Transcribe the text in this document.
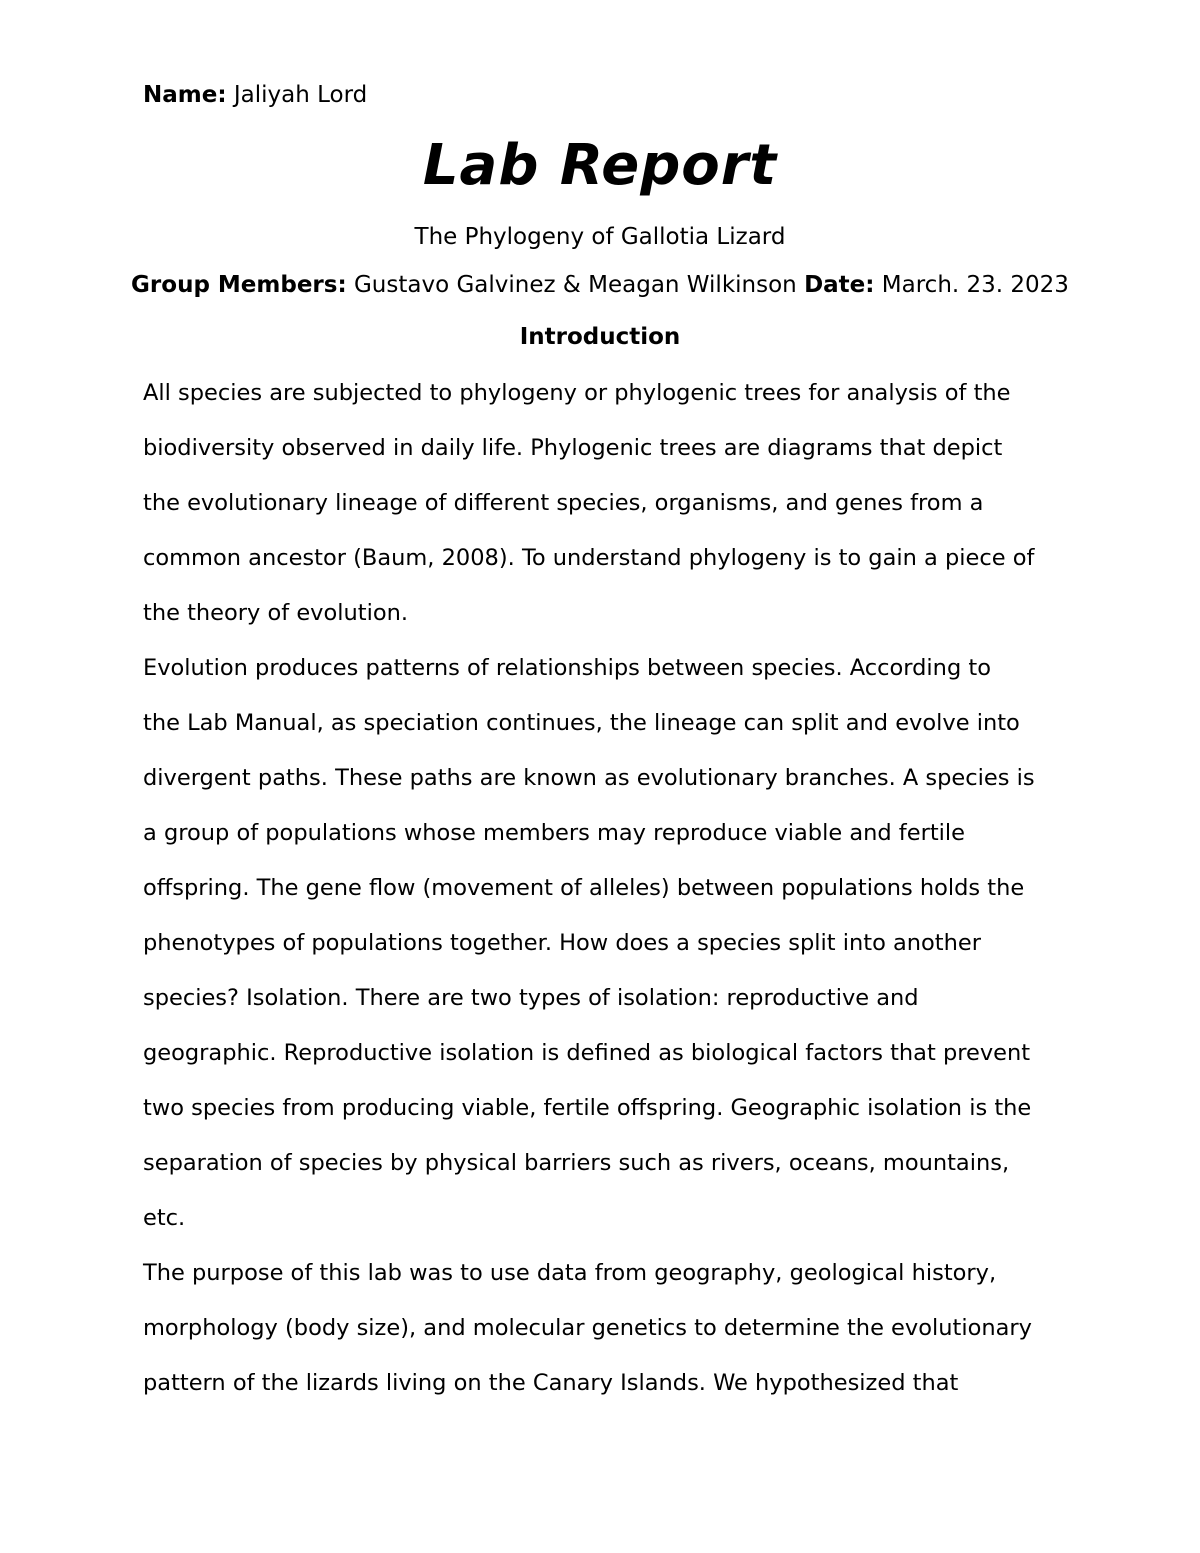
Name: Jaliyah Lord
Lab Report
The Phylogeny of Gallotia Lizard
Group Members: Gustavo Galvinez & Meagan Wilkinson Date: March. 23. 2023
Introduction

All species are subjected to phylogeny or phylogenic trees for analysis of the

biodiversity observed in daily life. Phylogenic trees are diagrams that depict

the evolutionary lineage of different species, organisms, and genes from a

common ancestor (Baum, 2008). To understand phylogeny is to gain a piece of

the theory of evolution.

Evolution produces patterns of relationships between species. According to

the Lab Manual, as speciation continues, the lineage can split and evolve into

divergent paths. These paths are known as evolutionary branches. A species is

a group of populations whose members may reproduce viable and fertile

offspring. The gene flow (movement of alleles) between populations holds the

phenotypes of populations together. How does a species split into another

species? Isolation. There are two types of isolation: reproductive and

geographic. Reproductive isolation is defined as biological factors that prevent

two species from producing viable, fertile offspring. Geographic isolation is the

separation of species by physical barriers such as rivers, oceans, mountains,

etc.

The purpose of this lab was to use data from geography, geological history,

morphology (body size), and molecular genetics to determine the evolutionary

pattern of the lizards living on the Canary Islands. We hypothesized that
